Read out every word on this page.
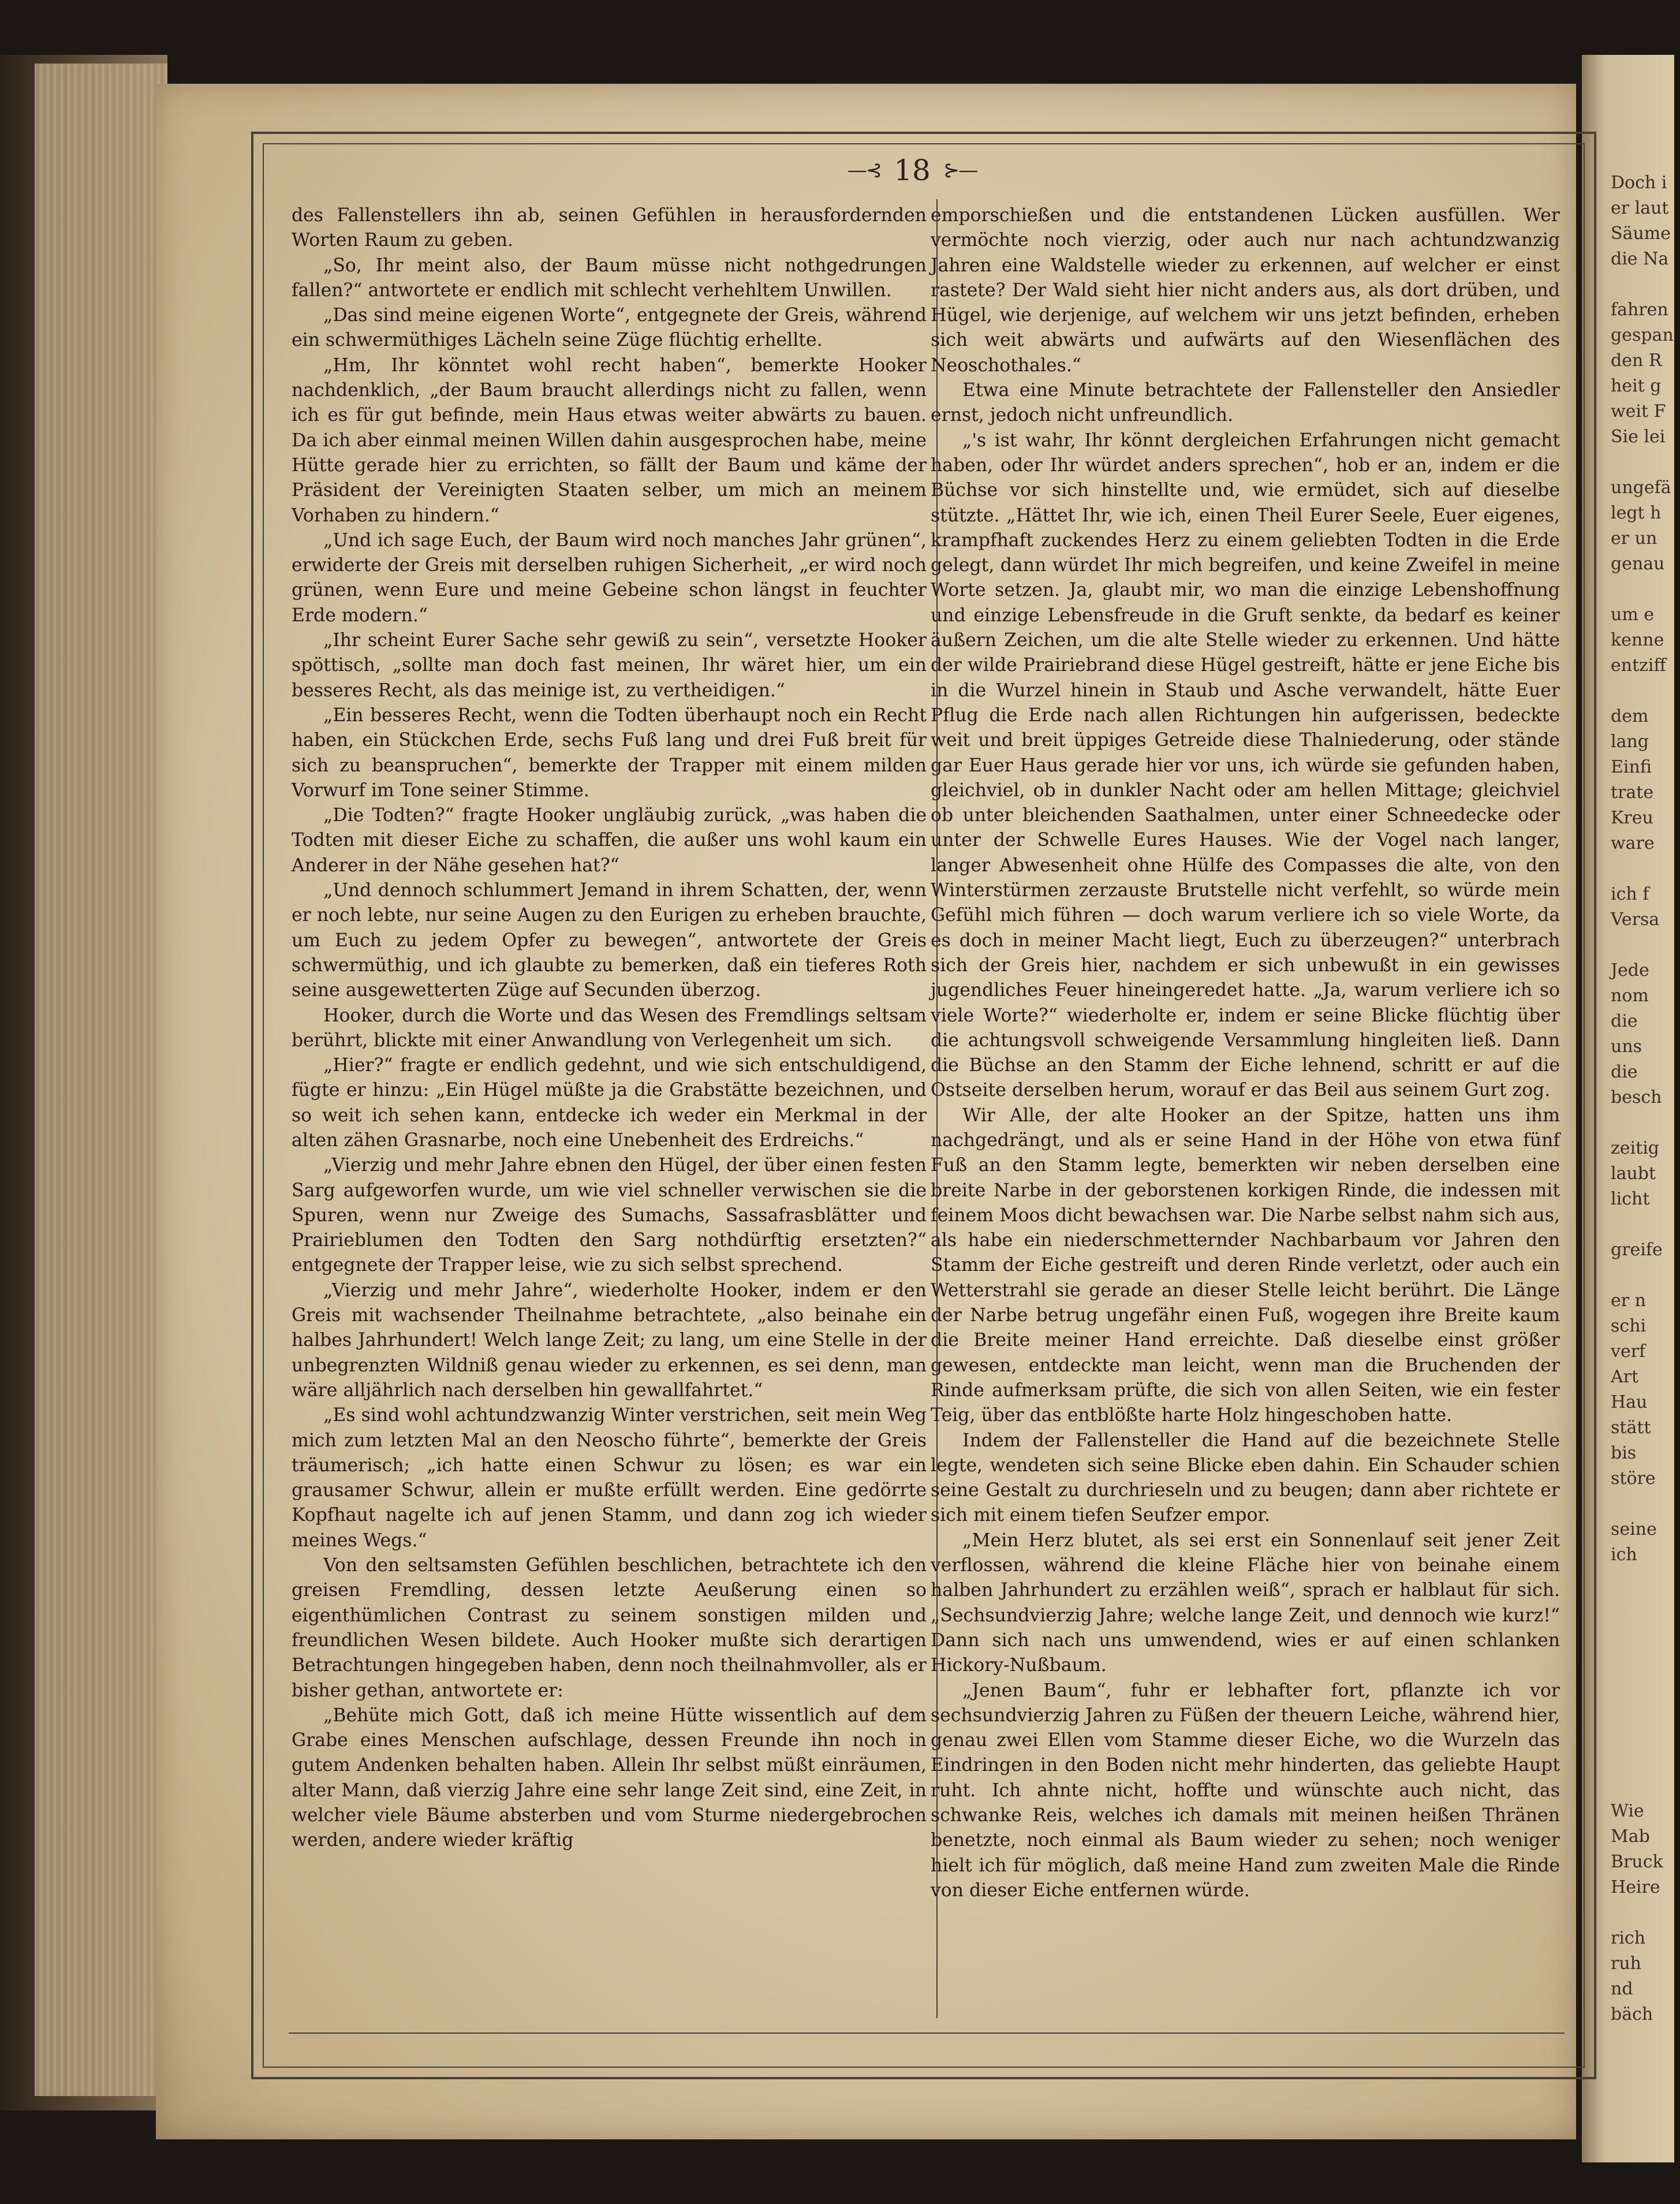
Doch i
er laut
Säume
die Na

fahren
gespan
den R
heit g
weit F
Sie lei

ungefä
legt h
er un
genau

um e
kenne
entziff

dem
lang
Einfi
trate
Kreu
ware

ich f
Versa

Jede
nom
die
uns
die
besch

zeitig
laubt
licht

greife

er n
schi
verf
Art
Hau
stätt
bis
störe

seine
ich
Wie
Mab
Bruck
Heire

rich
ruh
nd
bäch
—⊰ 18 ⊱—

des Fallenstellers ihn ab, seinen Gefühlen in herausfordernden Worten Raum zu geben.

„So, Ihr meint also, der Baum müsse nicht nothgedrungen fallen?“ antwortete er endlich mit schlecht verhehltem Unwillen.

„Das sind meine eigenen Worte“, entgegnete der Greis, während ein schwermüthiges Lächeln seine Züge flüchtig erhellte.

„Hm, Ihr könntet wohl recht haben“, bemerkte Hooker nachdenklich, „der Baum braucht allerdings nicht zu fallen, wenn ich es für gut befinde, mein Haus etwas weiter abwärts zu bauen. Da ich aber einmal meinen Willen dahin ausgesprochen habe, meine Hütte gerade hier zu errichten, so fällt der Baum und käme der Präsident der Vereinigten Staaten selber, um mich an meinem Vorhaben zu hindern.“

„Und ich sage Euch, der Baum wird noch manches Jahr grünen“, erwiderte der Greis mit derselben ruhigen Sicherheit, „er wird noch grünen, wenn Eure und meine Gebeine schon längst in feuchter Erde modern.“

„Ihr scheint Eurer Sache sehr gewiß zu sein“, versetzte Hooker spöttisch, „sollte man doch fast meinen, Ihr wäret hier, um ein besseres Recht, als das meinige ist, zu vertheidigen.“

„Ein besseres Recht, wenn die Todten überhaupt noch ein Recht haben, ein Stückchen Erde, sechs Fuß lang und drei Fuß breit für sich zu beanspruchen“, bemerkte der Trapper mit einem milden Vorwurf im Tone seiner Stimme.

„Die Todten?“ fragte Hooker ungläubig zurück, „was haben die Todten mit dieser Eiche zu schaffen, die außer uns wohl kaum ein Anderer in der Nähe gesehen hat?“

„Und dennoch schlummert Jemand in ihrem Schatten, der, wenn er noch lebte, nur seine Augen zu den Eurigen zu erheben brauchte, um Euch zu jedem Opfer zu bewegen“, antwortete der Greis schwermüthig, und ich glaubte zu bemerken, daß ein tieferes Roth seine ausgewetterten Züge auf Secunden überzog.

Hooker, durch die Worte und das Wesen des Fremdlings seltsam berührt, blickte mit einer Anwandlung von Verlegenheit um sich.

„Hier?“ fragte er endlich gedehnt, und wie sich entschuldigend, fügte er hinzu: „Ein Hügel müßte ja die Grabstätte bezeichnen, und so weit ich sehen kann, entdecke ich weder ein Merkmal in der alten zähen Grasnarbe, noch eine Unebenheit des Erdreichs.“

„Vierzig und mehr Jahre ebnen den Hügel, der über einen festen Sarg aufgeworfen wurde, um wie viel schneller verwischen sie die Spuren, wenn nur Zweige des Sumachs, Sassafrasblätter und Prairieblumen den Todten den Sarg nothdürftig ersetzten?“ entgegnete der Trapper leise, wie zu sich selbst sprechend.

„Vierzig und mehr Jahre“, wiederholte Hooker, indem er den Greis mit wachsender Theilnahme betrachtete, „also beinahe ein halbes Jahrhundert! Welch lange Zeit; zu lang, um eine Stelle in der unbegrenzten Wildniß genau wieder zu erkennen, es sei denn, man wäre alljährlich nach derselben hin gewallfahrtet.“

„Es sind wohl achtundzwanzig Winter verstrichen, seit mein Weg mich zum letzten Mal an den Neoscho führte“, bemerkte der Greis träumerisch; „ich hatte einen Schwur zu lösen; es war ein grausamer Schwur, allein er mußte erfüllt werden. Eine gedörrte Kopfhaut nagelte ich auf jenen Stamm, und dann zog ich wieder meines Wegs.“

Von den seltsamsten Gefühlen beschlichen, betrachtete ich den greisen Fremdling, dessen letzte Aeußerung einen so eigenthümlichen Contrast zu seinem sonstigen milden und freundlichen Wesen bildete. Auch Hooker mußte sich derartigen Betrachtungen hingegeben haben, denn noch theilnahmvoller, als er bisher gethan, antwortete er:

„Behüte mich Gott, daß ich meine Hütte wissentlich auf dem Grabe eines Menschen aufschlage, dessen Freunde ihn noch in gutem Andenken behalten haben. Allein Ihr selbst müßt einräumen, alter Mann, daß vierzig Jahre eine sehr lange Zeit sind, eine Zeit, in welcher viele Bäume absterben und vom Sturme niedergebrochen werden, andere wieder kräftig

emporschießen und die entstandenen Lücken ausfüllen. Wer vermöchte noch vierzig, oder auch nur nach achtundzwanzig Jahren eine Waldstelle wieder zu erkennen, auf welcher er einst rastete? Der Wald sieht hier nicht anders aus, als dort drüben, und Hügel, wie derjenige, auf welchem wir uns jetzt befinden, erheben sich weit abwärts und aufwärts auf den Wiesenflächen des Neoschothales.“

Etwa eine Minute betrachtete der Fallensteller den Ansiedler ernst, jedoch nicht unfreundlich.

„'s ist wahr, Ihr könnt dergleichen Erfahrungen nicht gemacht haben, oder Ihr würdet anders sprechen“, hob er an, indem er die Büchse vor sich hinstellte und, wie ermüdet, sich auf dieselbe stützte. „Hättet Ihr, wie ich, einen Theil Eurer Seele, Euer eigenes, krampfhaft zuckendes Herz zu einem geliebten Todten in die Erde gelegt, dann würdet Ihr mich begreifen, und keine Zweifel in meine Worte setzen. Ja, glaubt mir, wo man die einzige Lebenshoffnung und einzige Lebensfreude in die Gruft senkte, da bedarf es keiner äußern Zeichen, um die alte Stelle wieder zu erkennen. Und hätte der wilde Prairiebrand diese Hügel gestreift, hätte er jene Eiche bis in die Wurzel hinein in Staub und Asche verwandelt, hätte Euer Pflug die Erde nach allen Richtungen hin aufgerissen, bedeckte weit und breit üppiges Getreide diese Thalniederung, oder stände gar Euer Haus gerade hier vor uns, ich würde sie gefunden haben, gleichviel, ob in dunkler Nacht oder am hellen Mittage; gleichviel ob unter bleichenden Saathalmen, unter einer Schneedecke oder unter der Schwelle Eures Hauses. Wie der Vogel nach langer, langer Abwesenheit ohne Hülfe des Compasses die alte, von den Winterstürmen zerzauste Brutstelle nicht verfehlt, so würde mein Gefühl mich führen — doch warum verliere ich so viele Worte, da es doch in meiner Macht liegt, Euch zu überzeugen?“ unterbrach sich der Greis hier, nachdem er sich unbewußt in ein gewisses jugendliches Feuer hineingeredet hatte. „Ja, warum verliere ich so viele Worte?“ wiederholte er, indem er seine Blicke flüchtig über die achtungsvoll schweigende Versammlung hingleiten ließ. Dann die Büchse an den Stamm der Eiche lehnend, schritt er auf die Ostseite derselben herum, worauf er das Beil aus seinem Gurt zog.

Wir Alle, der alte Hooker an der Spitze, hatten uns ihm nachgedrängt, und als er seine Hand in der Höhe von etwa fünf Fuß an den Stamm legte, bemerkten wir neben derselben eine breite Narbe in der geborstenen korkigen Rinde, die indessen mit feinem Moos dicht bewachsen war. Die Narbe selbst nahm sich aus, als habe ein niederschmetternder Nachbarbaum vor Jahren den Stamm der Eiche gestreift und deren Rinde verletzt, oder auch ein Wetterstrahl sie gerade an dieser Stelle leicht berührt. Die Länge der Narbe betrug ungefähr einen Fuß, wogegen ihre Breite kaum die Breite meiner Hand erreichte. Daß dieselbe einst größer gewesen, entdeckte man leicht, wenn man die Bruchenden der Rinde aufmerksam prüfte, die sich von allen Seiten, wie ein fester Teig, über das entblößte harte Holz hingeschoben hatte.

Indem der Fallensteller die Hand auf die bezeichnete Stelle legte, wendeten sich seine Blicke eben dahin. Ein Schauder schien seine Gestalt zu durchrieseln und zu beugen; dann aber richtete er sich mit einem tiefen Seufzer empor.

„Mein Herz blutet, als sei erst ein Sonnenlauf seit jener Zeit verflossen, während die kleine Fläche hier von beinahe einem halben Jahrhundert zu erzählen weiß“, sprach er halblaut für sich. „Sechsundvierzig Jahre; welche lange Zeit, und dennoch wie kurz!“ Dann sich nach uns umwendend, wies er auf einen schlanken Hickory-Nußbaum.

„Jenen Baum“, fuhr er lebhafter fort, pflanzte ich vor sechsundvierzig Jahren zu Füßen der theuern Leiche, während hier, genau zwei Ellen vom Stamme dieser Eiche, wo die Wurzeln das Eindringen in den Boden nicht mehr hinderten, das geliebte Haupt ruht. Ich ahnte nicht, hoffte und wünschte auch nicht, das schwanke Reis, welches ich damals mit meinen heißen Thränen benetzte, noch einmal als Baum wieder zu sehen; noch weniger hielt ich für möglich, daß meine Hand zum zweiten Male die Rinde von dieser Eiche entfernen würde.
